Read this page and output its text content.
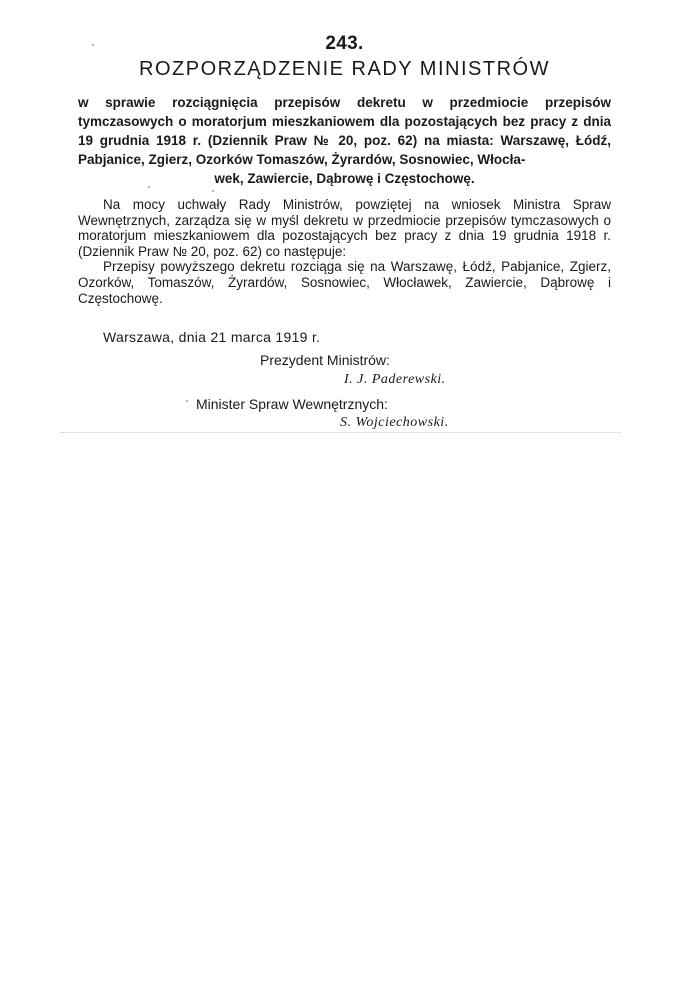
243.
ROZPORZĄDZENIE RADY MINISTRÓW
w sprawie rozciągnięcia przepisów dekretu w przedmiocie przepisów tymczasowych o moratorjum mieszkaniowem dla pozostających bez pracy z dnia 19 grudnia 1918 r. (Dziennik Praw № 20, poz. 62) na miasta: Warszawę, Łódź, Pabjanice, Zgierz, Ozorków Tomaszów, Żyrardów, Sosnowiec, Włocła-
wek, Zawiercie, Dąbrowę i Częstochowę.

Na mocy uchwały Rady Ministrów, powziętej na wniosek Ministra Spraw Wewnętrznych, zarządza się w myśl dekretu w przedmiocie przepisów tymczasowych o moratorjum mieszkaniowem dla pozostających bez pracy z dnia 19 grudnia 1918 r. (Dziennik Praw № 20, poz. 62) co następuje:

Przepisy powyższego dekretu rozciąga się na Warszawę, Łódź, Pabjanice, Zgierz, Ozorków, Tomaszów, Żyrardów, Sosnowiec, Włocławek, Zawiercie, Dąbrowę i Częstochowę.

Warszawa, dnia 21 marca 1919 r.
Prezydent Ministrów:
I. J. Paderewski.
Minister Spraw Wewnętrznych:
S. Wojciechowski.
